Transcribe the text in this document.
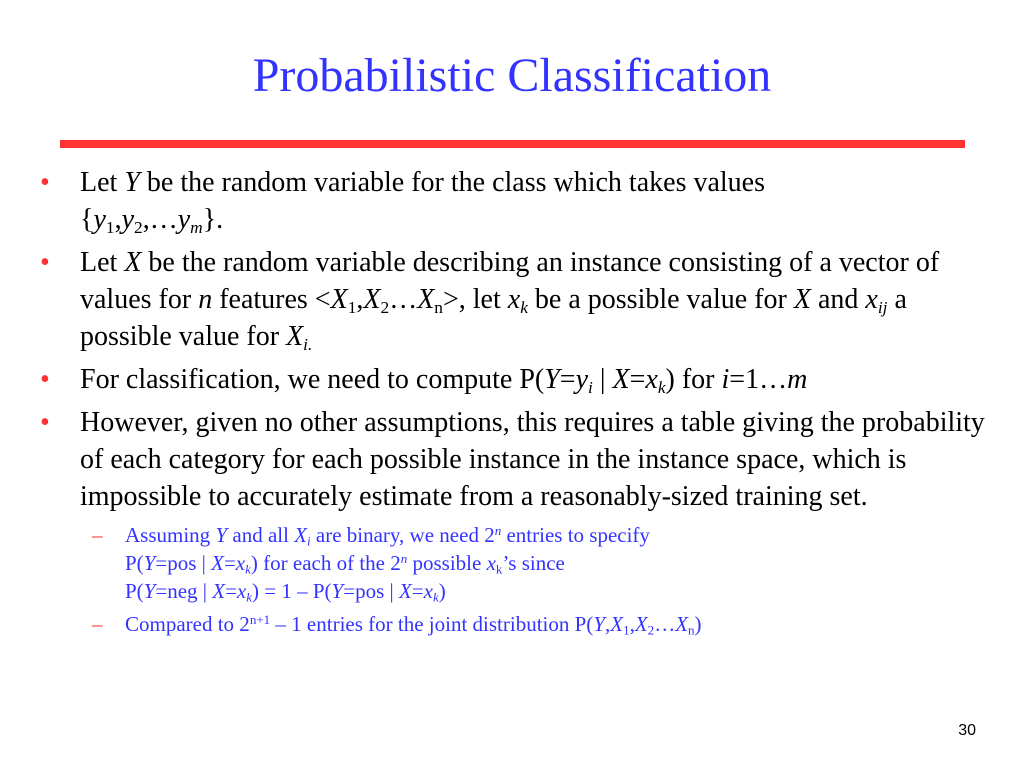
Probabilistic Classification
• Let Y be the random variable for the class which takes values
$\{y_1,y_2,\dots y_m\}$.
• Let X be the random variable describing an instance consisting of a vector of values for n features $<X_1,X_2\dots X_n>$, let $x_k$ be a possible value for X and $x_{ij}$ a possible value for $X_{i.}$
• For classification, we need to compute $P(Y=y_i$ | $X=x_k$) for i=1…m
• However, given no other assumptions, this requires a table giving the probability of each category for each possible instance in the instance space, which is impossible to accurately estimate from a reasonably-sized training set.
– Assuming Y and all $X_i$ are binary, we need 2$^n$ entries to specify
P(Y=pos | $X=x_k$) for each of the 2$^n$ possible $x_k’s$ since
P(Y=neg | $X=x_k) = 1 - P(Y=pos$ | $X=x_k$)
– Compared to $2^{n+1} - 1$ entries for the joint distribution $P(Y,X_1,X_2\dots X_n)$
30
